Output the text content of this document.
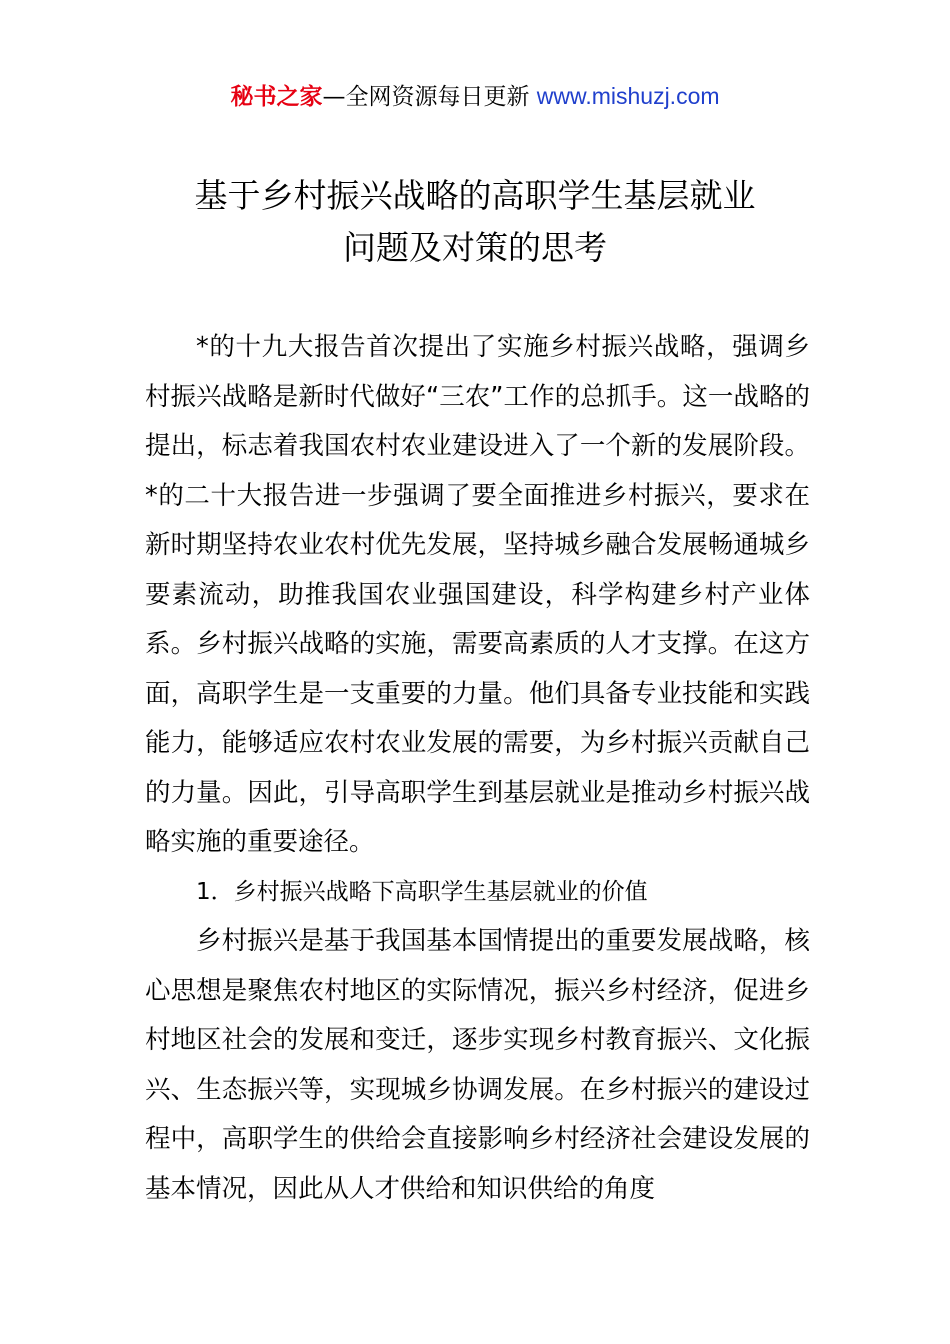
秘书之家—全网资源每日更新 www.mishuzj.com
基于乡村振兴战略的高职学生基层就业
问题及对策的思考

*的十九大报告首次提出了实施乡村振兴战略，强调乡村振兴战略是新时代做好“三农”工作的总抓手。这一战略的提出，标志着我国农村农业建设进入了一个新的发展阶段。*的二十大报告进一步强调了要全面推进乡村振兴，要求在新时期坚持农业农村优先发展，坚持城乡融合发展畅通城乡要素流动，助推我国农业强国建设，科学构建乡村产业体系。乡村振兴战略的实施，需要高素质的人才支撑。在这方面，高职学生是一支重要的力量。他们具备专业技能和实践能力，能够适应农村农业发展的需要，为乡村振兴贡献自己的力量。因此，引导高职学生到基层就业是推动乡村振兴战略实施的重要途径。

1．乡村振兴战略下高职学生基层就业的价值

乡村振兴是基于我国基本国情提出的重要发展战略，核心思想是聚焦农村地区的实际情况，振兴乡村经济，促进乡村地区社会的发展和变迁，逐步实现乡村教育振兴、文化振兴、生态振兴等，实现城乡协调发展。在乡村振兴的建设过程中，高职学生的供给会直接影响乡村经济社会建设发展的基本情况，因此从人才供给和知识供给的角度
